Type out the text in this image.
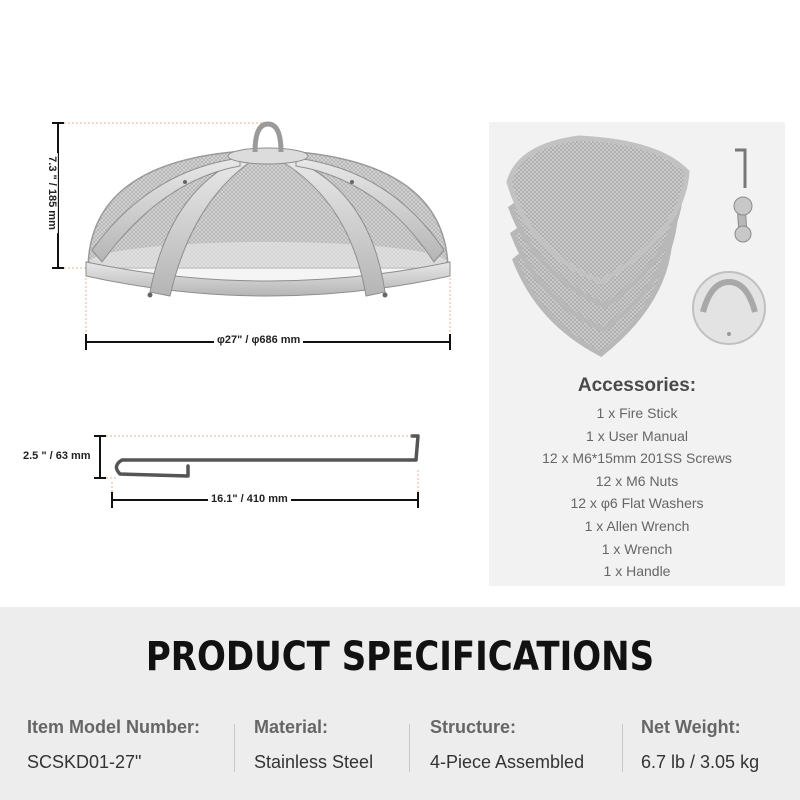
7.3 " / 185 mm
φ27" / φ686 mm
2.5 " / 63 mm
16.1" / 410 mm
Accessories:
1 x Fire Stick
1 x User Manual
12 x M6*15mm 201SS Screws
12 x M6 Nuts
12 x φ6 Flat Washers
1 x Allen Wrench
1 x Wrench
1 x Handle
PRODUCT SPECIFICATIONS
Item Model Number:
SCSKD01-27"
Material:
Stainless Steel
Structure:
4-Piece Assembled
Net Weight:
6.7 lb / 3.05 kg
